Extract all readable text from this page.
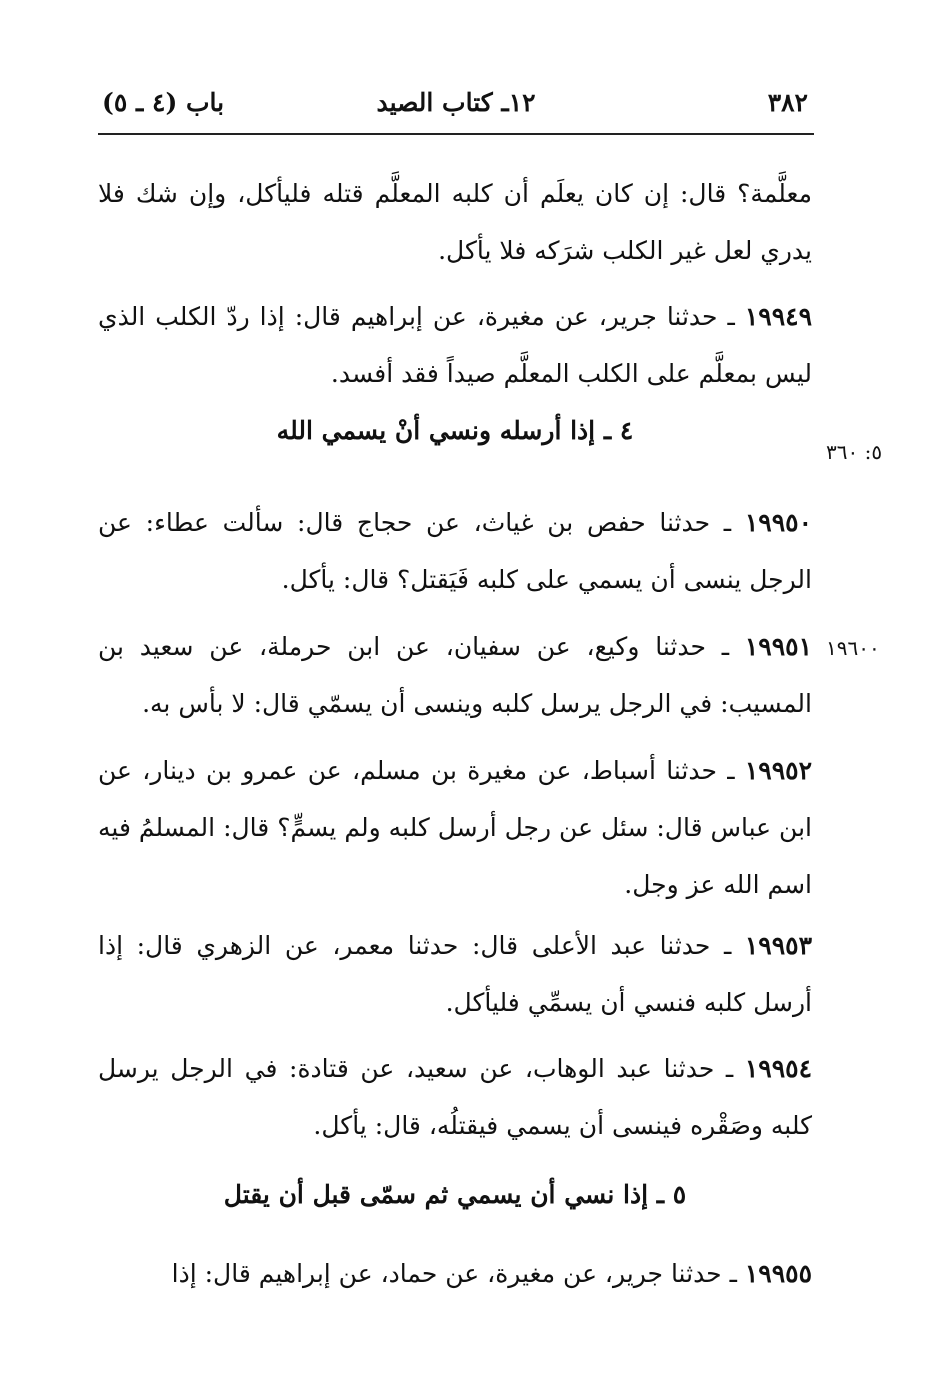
٣٨٢
١٢ـ كتاب الصيد
باب (٤ ـ ٥)

معلَّمة؟ قال: إن كان يعلَم أن كلبه المعلَّم قتله فليأكل، وإن شك فلا يدري لعل غير الكلب شرَكه فلا يأكل.

١٩٩٤٩ ـ حدثنا جرير، عن مغيرة، عن إبراهيم قال: إذا ردّ الكلب الذي ليس بمعلَّم على الكلب المعلَّم صيداً فقد أفسد.

٤ ـ إذا أرسله ونسي أنْ يسمي الله
٥: ٣٦٠

١٩٩٥٠ ـ حدثنا حفص بن غياث، عن حجاج قال: سألت عطاء: عن الرجل ينسى أن يسمي على كلبه فَيَقتل؟ قال: يأكل.

١٩٦٠٠

١٩٩٥١ ـ حدثنا وكيع، عن سفيان، عن ابن حرملة، عن سعيد بن المسيب: في الرجل يرسل كلبه وينسى أن يسمّي قال: لا بأس به.

١٩٩٥٢ ـ حدثنا أسباط، عن مغيرة بن مسلم، عن عمرو بن دينار، عن ابن عباس قال: سئل عن رجل أرسل كلبه ولم يسمٍّ؟ قال: المسلمُ فيه اسم الله عز وجل.

١٩٩٥٣ ـ حدثنا عبد الأعلى قال: حدثنا معمر، عن الزهري قال: إذا أرسل كلبه فنسي أن يسمِّي فليأكل.

١٩٩٥٤ ـ حدثنا عبد الوهاب، عن سعيد، عن قتادة: في الرجل يرسل كلبه وصَقْره فينسى أن يسمي فيقتلُه، قال: يأكل.

٥ ـ إذا نسي أن يسمي ثم سمّى قبل أن يقتل

١٩٩٥٥ ـ حدثنا جرير، عن مغيرة، عن حماد، عن إبراهيم قال: إذا
